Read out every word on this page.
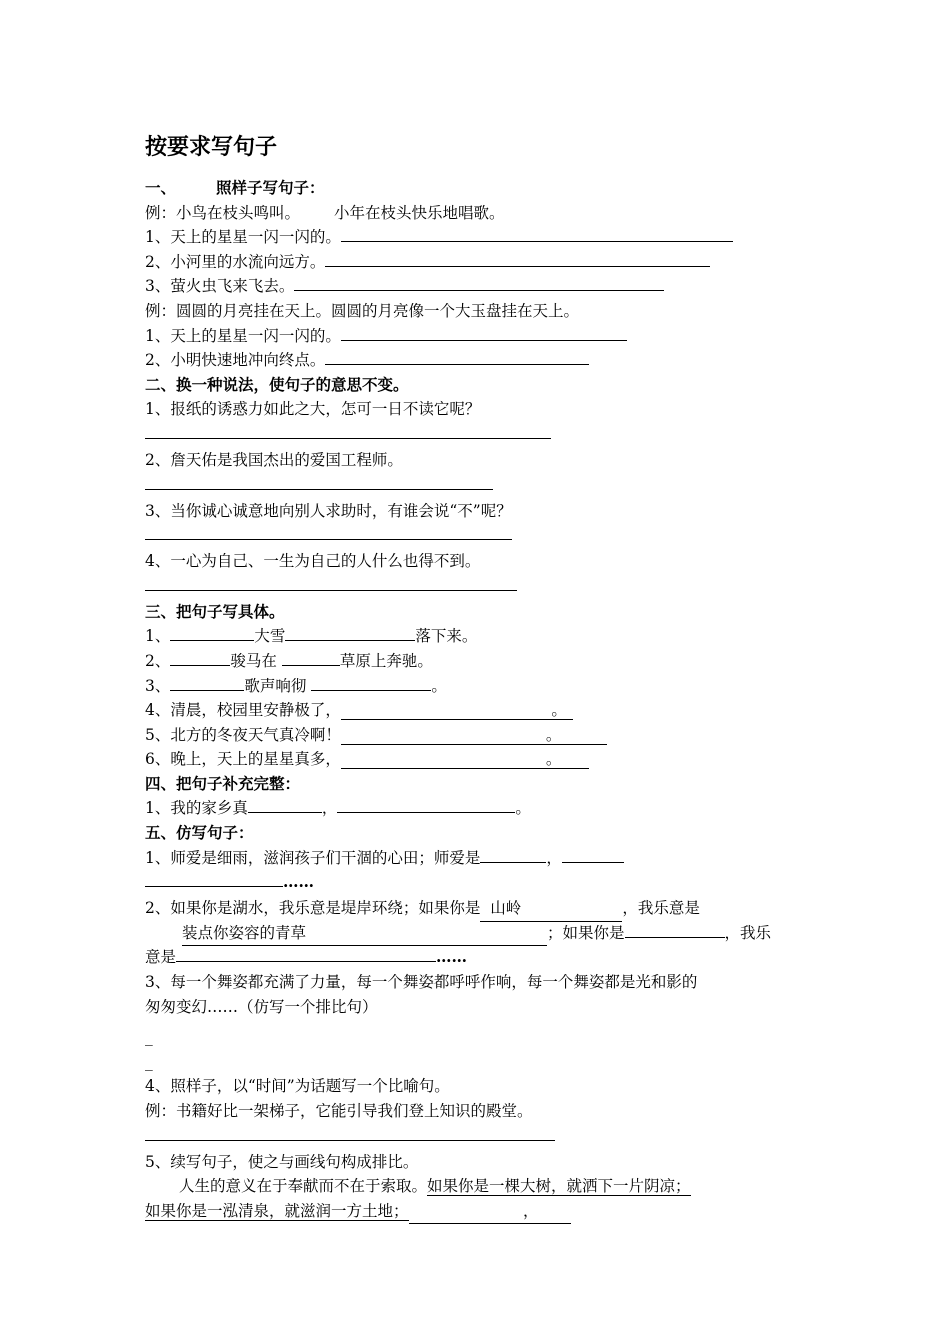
按要求写句子
一、	照样子写句子：
例：小鸟在枝头鸣叫。 小年在枝头快乐地唱歌。
1、天上的星星一闪一闪的。
2、小河里的水流向远方。
3、萤火虫飞来飞去。
例：圆圆的月亮挂在天上。圆圆的月亮像一个大玉盘挂在天上。
1、天上的星星一闪一闪的。
2、小明快速地冲向终点。
二、换一种说法，使句子的意思不变。
1、报纸的诱惑力如此之大，怎可一日不读它呢？
2、詹天佑是我国杰出的爱国工程师。
3、当你诚心诚意地向别人求助时，有谁会说“不”呢？
4、一心为自己、一生为自己的人什么也得不到。
三、把句子写具体。
1、	大雪	落下来。
2、	骏马在	草原上奔驰。
3、	歌声响彻	。
4、清晨，校园里安静极了，	。
5、北方的冬夜天气真冷啊！	。
6、晚上，天上的星星真多，	。
四、把句子补充完整：
1、我的家乡真	，	。
五、仿写句子：
1、师爱是细雨，滋润孩子们干涸的心田；师爱是	，
……
2、如果你是湖水，我乐意是堤岸环绕；如果你是 山岭	，我乐意是
装点你姿容的青草	；如果你是	，我乐
意是	……
3、每一个舞姿都充满了力量，每一个舞姿都呼呼作响，每一个舞姿都是光和影的
匆匆变幻……（仿写一个排比句）
_
_
4、照样子，以“时间”为话题写一个比喻句。
例：书籍好比一架梯子，它能引导我们登上知识的殿堂。
5、续写句子，使之与画线句构成排比。
人生的意义在于奉献而不在于索取。如果你是一棵大树，就洒下一片阴凉；
如果你是一泓清泉，就滋润一方土地；	，
